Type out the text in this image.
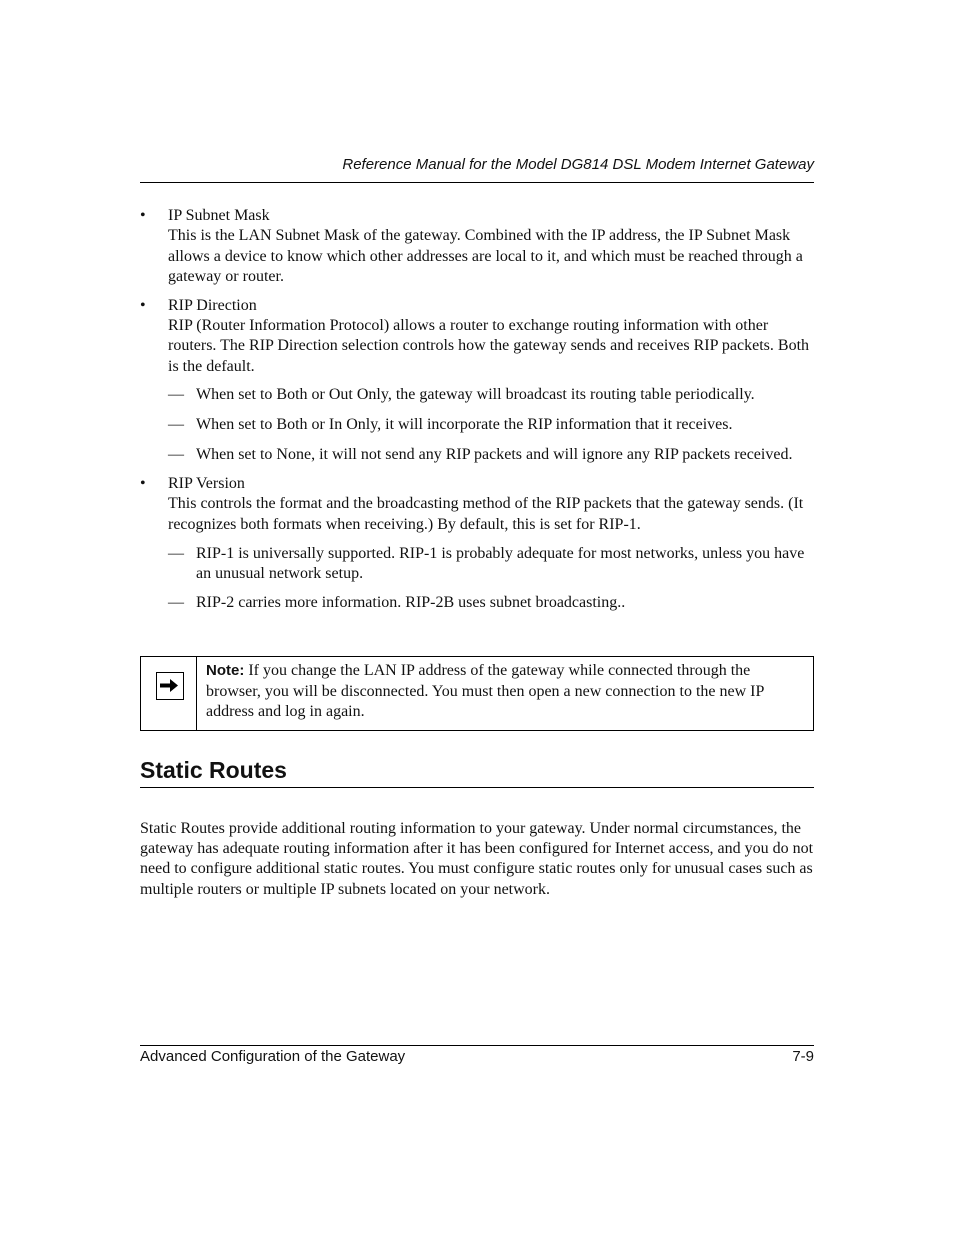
Reference Manual for the Model DG814 DSL Modem Internet Gateway
• IP Subnet Mask

This is the LAN Subnet Mask of the gateway. Combined with the IP address, the IP Subnet Mask allows a device to know which other addresses are local to it, and which must be reached through a gateway or router.

• RIP Direction

RIP (Router Information Protocol) allows a router to exchange routing information with other routers. The RIP Direction selection controls how the gateway sends and receives RIP packets. Both is the default.

— When set to Both or Out Only, the gateway will broadcast its routing table periodically.

— When set to Both or In Only, it will incorporate the RIP information that it receives.

— When set to None, it will not send any RIP packets and will ignore any RIP packets received.

• RIP Version

This controls the format and the broadcasting method of the RIP packets that the gateway sends. (It recognizes both formats when receiving.) By default, this is set for RIP-1.

— RIP-1 is universally supported. RIP-1 is probably adequate for most networks, unless you have an unusual network setup.

— RIP-2 carries more information. RIP-2B uses subnet broadcasting..

Note: If you change the LAN IP address of the gateway while connected through the browser, you will be disconnected. You must then open a new connection to the new IP address and log in again.
Static Routes

Static Routes provide additional routing information to your gateway. Under normal circumstances, the gateway has adequate routing information after it has been configured for Internet access, and you do not need to configure additional static routes. You must configure static routes only for unusual cases such as multiple routers or multiple IP subnets located on your network.

Advanced Configuration of the Gateway	7-9
